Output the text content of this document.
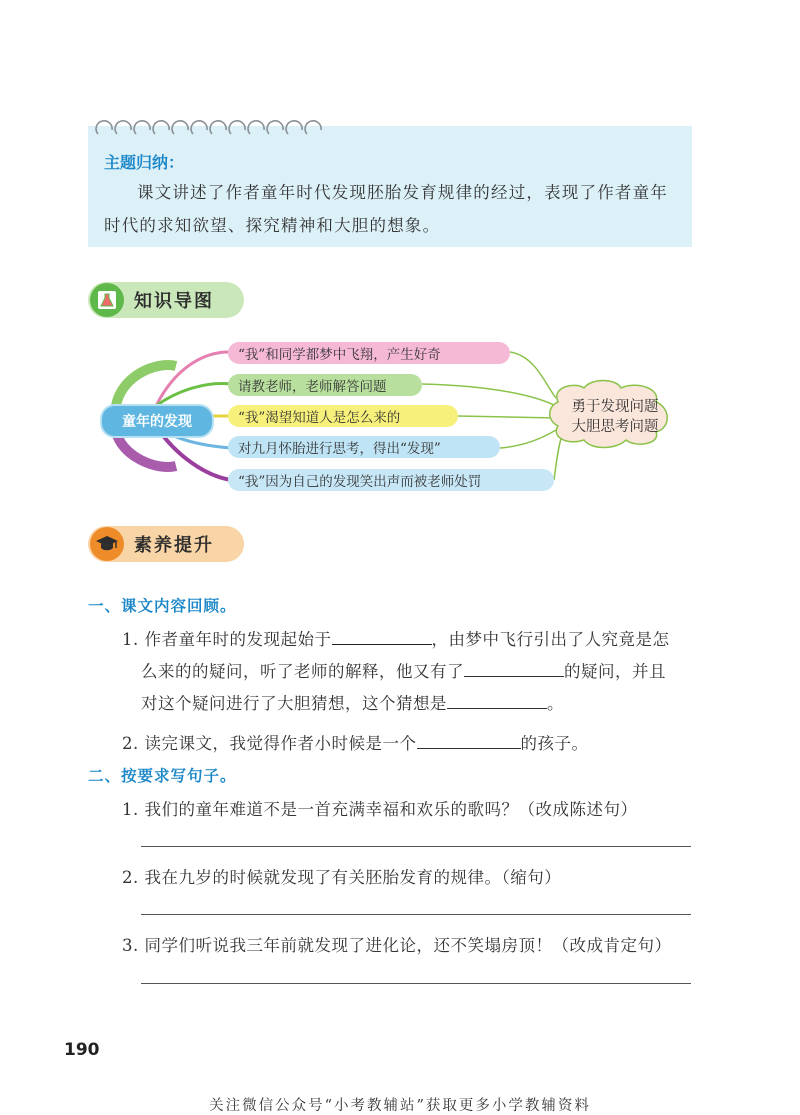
主题归纳：
课文讲述了作者童年时代发现胚胎发育规律的经过，表现了作者童年时代的求知欲望、探究精神和大胆的想象。
知识导图
童年的发现
“我”和同学都梦中飞翔，产生好奇
请教老师，老师解答问题
“我”渴望知道人是怎么来的
对九月怀胎进行思考，得出“发现”
“我”因为自己的发现笑出声而被老师处罚
勇于发现问题
大胆思考问题
素养提升
一、课文内容回顾。
1. 作者童年时的发现起始于	，由梦中飞行引出了人究竟是怎
么来的的疑问，听了老师的解释，他又有了	的疑问，并且
对这个疑问进行了大胆猜想，这个猜想是	。
2. 读完课文，我觉得作者小时候是一个	的孩子。
二、按要求写句子。
1. 我们的童年难道不是一首充满幸福和欢乐的歌吗？（改成陈述句）
2. 我在九岁的时候就发现了有关胚胎发育的规律。（缩句）
3. 同学们听说我三年前就发现了进化论，还不笑塌房顶！（改成肯定句）
190
关注微信公众号“小考教辅站”获取更多小学教辅资料
